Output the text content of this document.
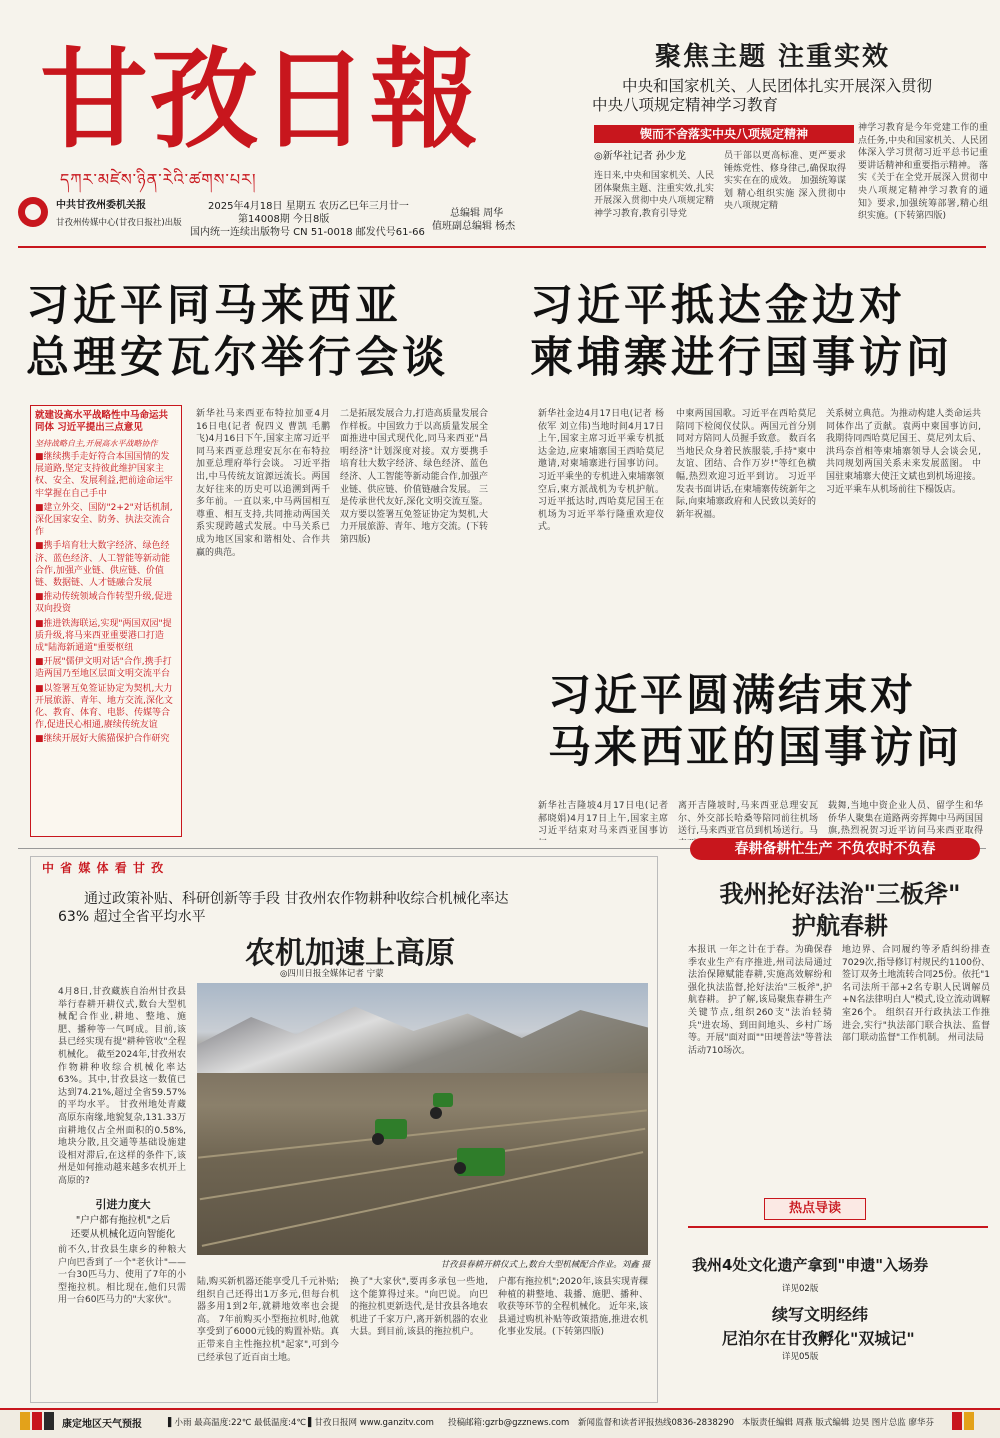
甘孜日報
དཀར་མཛེས་ཉིན་རེའི་ཚགས་པར།
中共甘孜州委机关报
甘孜州传媒中心(甘孜日报社)出版
2025年4月18日 星期五 农历乙巳年三月廿一
第14008期 今日8版
国内统一连续出版物号 CN 51-0018 邮发代号61-66
总编辑 周华
值班副总编辑 杨杰
聚焦主题 注重实效
中央和国家机关、人民团体扎实开展深入贯彻
中央八项规定精神学习教育
锲而不舍落实中央八项规定精神
◎新华社记者 孙少龙
连日来,中央和国家机关、人民团体聚焦主题、注重实效,扎实开展深入贯彻中央八项规定精神学习教育,教育引导党
员干部以更高标准、更严要求锤炼党性、修身律己,确保取得实实在在的成效。 加强统筹谋划 精心组织实施 深入贯彻中央八项规定精
神学习教育是今年党建工作的重点任务,中央和国家机关、人民团体深入学习贯彻习近平总书记重要讲话精神和重要指示精神。 落实《关于在全党开展深入贯彻中央八项规定精神学习教育的通知》要求,加强统筹部署,精心组织实施。(下转第四版)
习近平同马来西亚
总理安瓦尔举行会谈
习近平抵达金边对
柬埔寨进行国事访问
就建设高水平战略性中马命运共同体 习近平提出三点意见
坚持战略自主,开展高水平战略协作
■继续携手走好符合本国国情的发展道路,坚定支持彼此维护国家主权、安全、发展利益,把前途命运牢牢掌握在自己手中
■建立外交、国防"2+2"对话机制,深化国家安全、防务、执法交流合作
■携手培育壮大数字经济、绿色经济、蓝色经济、人工智能等新动能合作,加强产业链、供应链、价值链、数据链、人才链融合发展
■推动传统领域合作转型升级,促进双向投资
■推进铁海联运,实现"两国双园"提质升级,将马来西亚重要港口打造成"陆海新通道"重要枢纽
■开展"儒伊文明对话"合作,携手打造两国乃至地区层面文明交流平台
■以签署互免签证协定为契机,大力开展旅游、青年、地方交流,深化文化、教育、体育、电影、传媒等合作,促进民心相通,赓续传统友谊
■继续开展好大熊猫保护合作研究
新华社马来西亚布特拉加亚4月16日电(记者 倪四义 曹凯 毛鹏飞)4月16日下午,国家主席习近平同马来西亚总理安瓦尔在布特拉加亚总理府举行会谈。 习近平指出,中马传统友谊源远流长。两国友好往来的历史可以追溯到两千多年前。一直以来,中马两国相互尊重、相互支持,共同推动两国关系实现跨越式发展。中马关系已成为地区国家和谐相处、合作共赢的典范。
二是拓展发展合力,打造高质量发展合作样板。中国致力于以高质量发展全面推进中国式现代化,同马来西亚"昌明经济"计划深度对接。双方要携手培育壮大数字经济、绿色经济、蓝色经济、人工智能等新动能合作,加强产业链、供应链、价值链融合发展。 三是传承世代友好,深化文明交流互鉴。双方要以签署互免签证协定为契机,大力开展旅游、青年、地方交流。(下转第四版)
新华社金边4月17日电(记者 杨依军 刘立伟)当地时间4月17日上午,国家主席习近平乘专机抵达金边,应柬埔寨国王西哈莫尼邀请,对柬埔寨进行国事访问。 习近平乘坐的专机进入柬埔寨领空后,柬方派战机为专机护航。 习近平抵达时,西哈莫尼国王在机场为习近平举行隆重欢迎仪式。
中柬两国国歌。习近平在西哈莫尼陪同下检阅仪仗队。两国元首分别同对方陪同人员握手致意。 数百名当地民众身着民族服装,手持"柬中友谊、团结、合作万岁!"等红色横幅,热烈欢迎习近平到访。 习近平发表书面讲话,在柬埔寨传统新年之际,向柬埔寨政府和人民致以美好的新年祝福。
关系树立典范。为推动构建人类命运共同体作出了贡献。袁两中柬国事访问,我期待同西哈莫尼国王、莫尼列太后、洪玛奈首相等柬埔寨领导人会谈会见,共同规划两国关系未来发展蓝图。 中国驻柬埔寨大使汪文斌也到机场迎接。 习近平乘车从机场前往下榻饭店。
习近平圆满结束对
马来西亚的国事访问
新华社吉隆坡4月17日电(记者 郝晓娟)4月17日上午,国家主席习近平结束对马来西亚国事访
离开吉隆坡时,马来西亚总理安瓦尔、外交部长哈桑等陪同前往机场送行,马来西亚官员到机场送行。马
载舞,当地中资企业人员、留学生和华侨华人聚集在道路两旁挥舞中马两国国旗,热烈祝贺习近平访问马来西亚取得
中 省 媒 体 看 甘 孜
通过政策补贴、科研创新等手段 甘孜州农作物耕种收综合机械化率达
63% 超过全省平均水平
农机加速上高原
◎四川日报全媒体记者 宁蒙
4月8日,甘孜藏族自治州甘孜县举行春耕开耕仪式,数台大型机械配合作业,耕地、整地、施肥、播种等一气呵成。目前,该县已经实现有提"耕种管收"全程机械化。 截至2024年,甘孜州农作物耕种收综合机械化率达63%。其中,甘孜县这一数值已达到74.21%,超过全省59.57%的平均水平。 甘孜州地处青藏高原东南缘,地貌复杂,131.33万亩耕地仅占全州面积的0.58%,地块分散,且交通等基础设施建设相对滞后,在这样的条件下,该州是如何推动越来越多农机开上高原的?
引进力度大
"户户都有拖拉机"之后
还要从机械化迈向智能化
前不久,甘孜县生康乡的种粮大户向巴香到了一个"老伙计"——一台30匹马力、使用了7年的小型拖拉机。相比现在,他们只需用一台60匹马力的"大家伙"。
甘孜县春耕开耕仪式上,数台大型机械配合作业。刘鑫 摄
陆,购买新机器还能享受几千元补贴;组织自己还得出1万多元,但每台机器多用1到2年,就耕地效率也会提高。 7年前购买小型拖拉机时,他就享受到了6000元钱的购置补贴。真正带来自主性拖拉机"起家",可到今已经承包了近百亩土地。
换了"大家伙",要再多承包一些地,这个能算得过来。"向巴说。 向巴的拖拉机更新迭代,是甘孜县各地农机进了千家万户,离开新机器的农业大县。到目前,该县的拖拉机户。
户都有拖拉机";2020年,该县实现青稞种植的耕整地、栽播、施肥、播种、收获等环节的全程机械化。 近年来,该县通过购机补贴等政策措施,推进农机化事业发展。(下转第四版)
春耕备耕忙生产 不负农时不负春
我州抡好法治"三板斧"
护航春耕
本报讯 一年之计在于春。为确保春季农业生产有序推进,州司法局通过法治保障赋能春耕,实施高效解纷和强化执法监督,抡好法治"三板斧",护航春耕。 护了解,该局聚焦春耕生产关键节点,组织260支"法治轻骑兵"进农场、到田间地头、乡村广场等。开展"面对面""田埂普法"等普法活动710场次。
地边界、合同履约等矛盾纠纷排查7029次,指导修订村规民约1100份、签订双务土地流转合同25份。依托"1名司法所干部+2名专职人民调解员+N名法律明白人"模式,设立流动调解室26个。 组织召开行政执法工作推进会,实行"执法部门联合执法、监督部门联动监督"工作机制。 州司法局
热点导读
我州4处文化遗产拿到"申遗"入场券
详见02版
续写文明经纬
尼泊尔在甘孜孵化"双城记"
详见05版
康定地区天气预报	▌小雨 最高温度:22℃ 最低温度:4℃ ▌甘孜日报网 www.ganzitv.com	投稿邮箱:gzrb@gzznews.com	新闻监督和读者评报热线0836-2838290 本版责任编辑 周燕 版式编辑 边昊 图片总监 廖华芬
